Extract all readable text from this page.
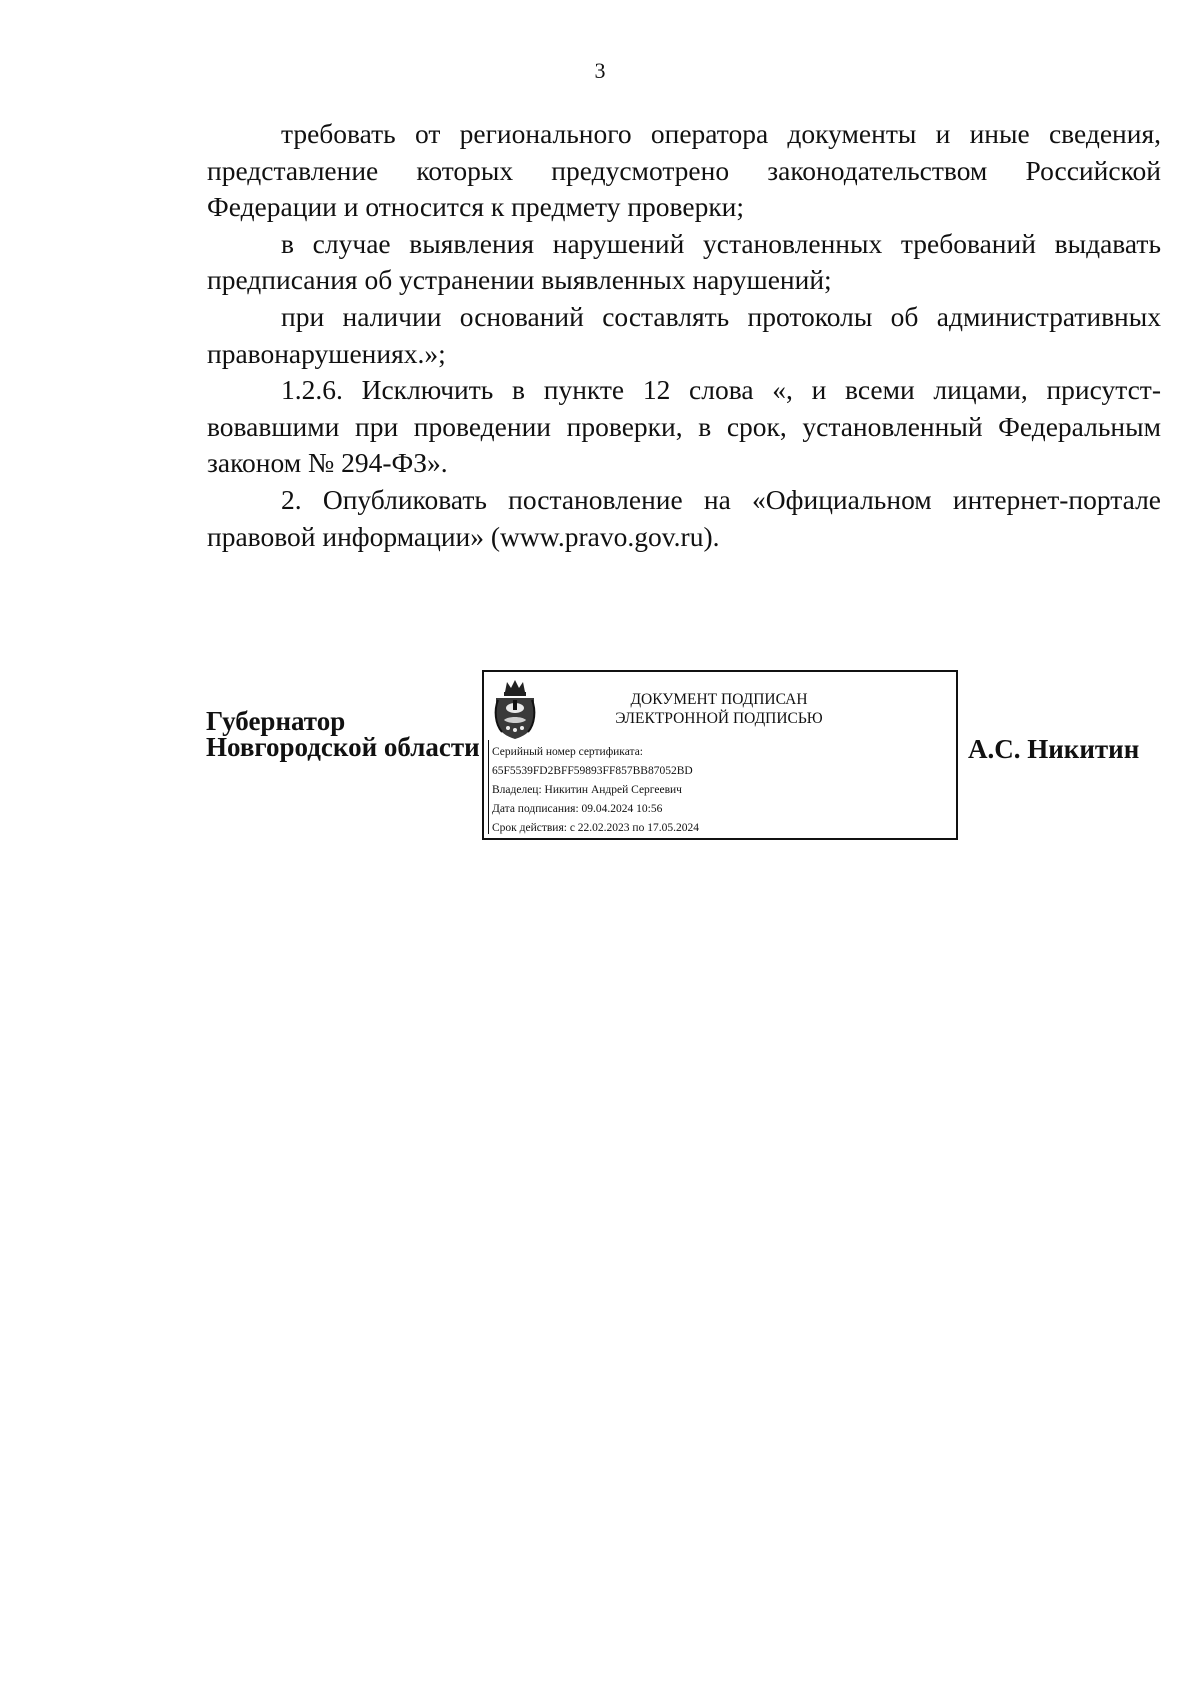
3

требовать от регионального оператора документы и иные сведения, представление которых предусмотрено законодательством Российской Федерации и относится к предмету проверки;

в случае выявления нарушений установленных требований выдавать предписания об устранении выявленных нарушений;

при наличии оснований составлять протоколы об административных правонарушениях.»;

1.2.6. Исключить в пункте 12 слова «, и всеми лицами, присутствовавшими при проведении проверки, в срок, установленный Федеральным законом № 294-ФЗ».

2. Опубликовать постановление на «Официальном интернет-портале правовой информации» (www.pravo.gov.ru).

Губернатор
Новгородской области
ДОКУМЕНТ ПОДПИСАН
ЭЛЕКТРОННОЙ ПОДПИСЬЮ
Серийный номер сертификата:
65F5539FD2BFF59893FF857BB87052BD
Владелец: Никитин Андрей Сергеевич
Дата подписания: 09.04.2024 10:56
Срок действия: с 22.02.2023 по 17.05.2024
А.С. Никитин
